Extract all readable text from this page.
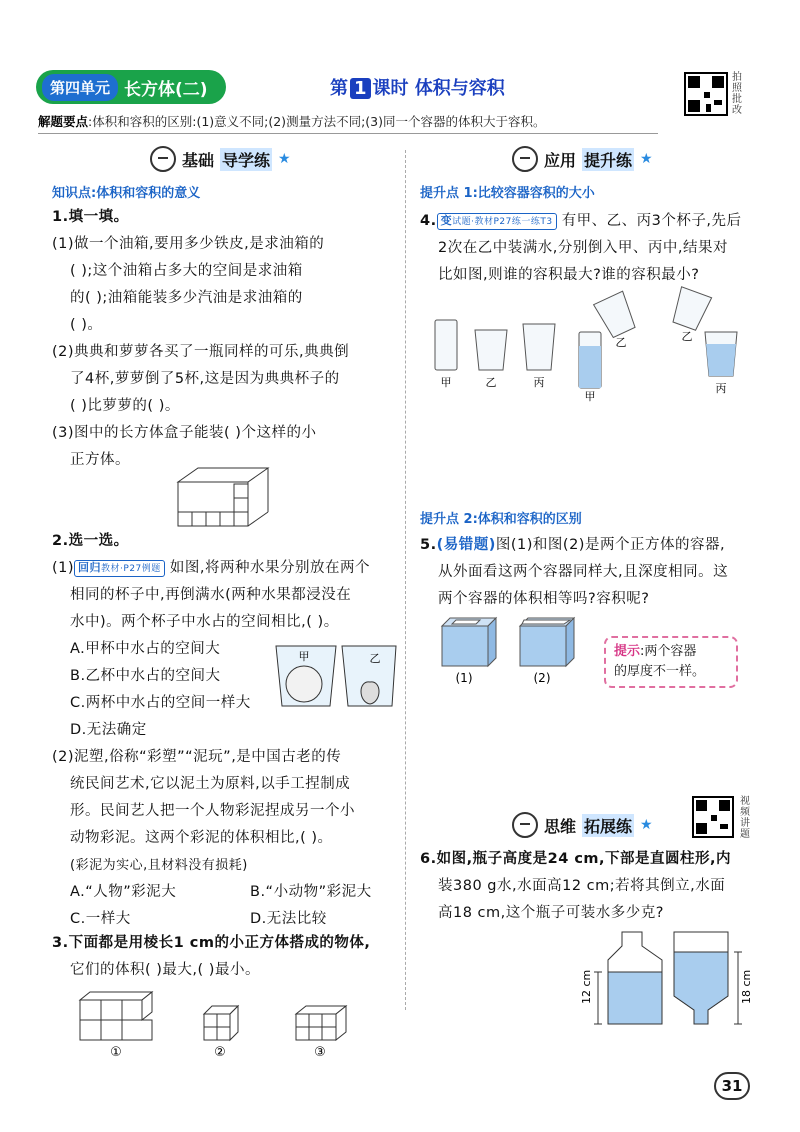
第四单元 长方体(二)	第 1 课时 体积与容积
拍照批改
解题要点:体积和容积的区别:(1)意义不同;(2)测量方法不同;(3)同一个容器的体积大于容积。
基础 导学练 ★
知识点:体积和容积的意义
1.填一填。
(1)做一个油箱,要用多少铁皮,是求油箱的
( );这个油箱占多大的空间是求油箱
的( );油箱能装多少汽油是求油箱的
( )。
(2)典典和萝萝各买了一瓶同样的可乐,典典倒
了4杯,萝萝倒了5杯,这是因为典典杯子的
( )比萝萝的( )。
(3)图中的长方体盒子能装( )个这样的小
正方体。
2.选一选。
(1) 回归教材·P27例题 如图,将两种水果分别放在两个
相同的杯子中,再倒满水(两种水果都浸没在
水中)。两个杯子中水占的空间相比,( )。
A.甲杯中水占的空间大
B.乙杯中水占的空间大
C.两杯中水占的空间一样大
D.无法确定
(2)泥塑,俗称“彩塑”“泥玩”,是中国古老的传
统民间艺术,它以泥土为原料,以手工捏制成
形。民间艺人把一个人物彩泥捏成另一个小
动物彩泥。这两个彩泥的体积相比,( )。
(彩泥为实心,且材料没有损耗)
A.“人物”彩泥大	B.“小动物”彩泥大
C.一样大	D.无法比较
甲	乙
3.下面都是用棱长1 cm的小正方体搭成的物体,
它们的体积( )最大,( )最小。
①	②	③
应用 提升练 ★
提升点 1:比较容器容积的大小
4. 变试题·教材P27练一练T3 有甲、乙、丙3个杯子,先后
2次在乙中装满水,分别倒入甲、丙中,结果对
比如图,则谁的容积最大?谁的容积最小?
甲	乙	丙
甲
乙	乙
丙
提升点 2:体积和容积的区别
5.(易错题)图(1)和图(2)是两个正方体的容器,
从外面看这两个容器同样大,且深度相同。这
两个容器的体积相等吗?容积呢?
(1)	(2)
提示:两个容器
的厚度不一样。
视频讲题
思维 拓展练 ★
6.如图,瓶子高度是24 cm,下部是直圆柱形,内
装380 g水,水面高12 cm;若将其倒立,水面
高18 cm,这个瓶子可装水多少克?
12 cm	18 cm
31
